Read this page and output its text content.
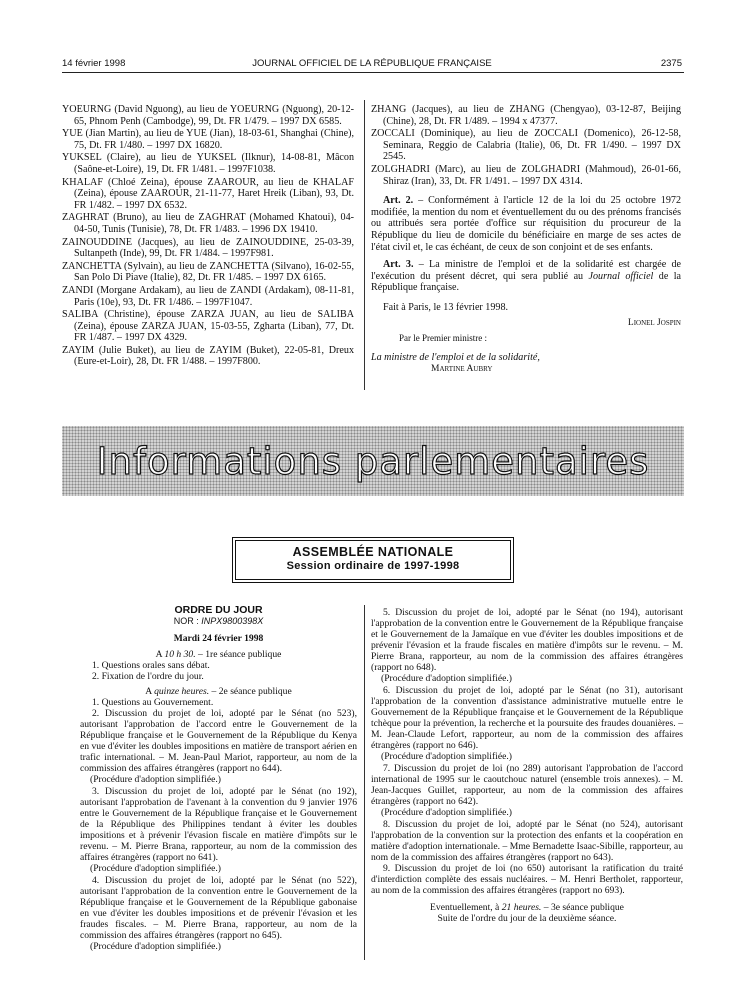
14 février 1998	JOURNAL OFFICIEL DE LA RÉPUBLIQUE FRANÇAISE	2375

YOEURNG (David Nguong), au lieu de YOEURNG (Nguong), 20-12-65, Phnom Penh (Cambodge), 99, Dt. FR 1/479. – 1997 DX 6585.

YUE (Jian Martin), au lieu de YUE (Jian), 18-03-61, Shanghai (Chine), 75, Dt. FR 1/480. – 1997 DX 16820.

YUKSEL (Claire), au lieu de YUKSEL (Ilknur), 14-08-81, Mâcon (Saône-et-Loire), 19, Dt. FR 1/481. – 1997F1038.

KHALAF (Chloé Zeina), épouse ZAAROUR, au lieu de KHALAF (Zeina), épouse ZAAROUR, 21-11-77, Haret Hreik (Liban), 93, Dt. FR 1/482. – 1997 DX 6532.

ZAGHRAT (Bruno), au lieu de ZAGHRAT (Mohamed Khatoui), 04-04-50, Tunis (Tunisie), 78, Dt. FR 1/483. – 1996 DX 19410.

ZAINOUDDINE (Jacques), au lieu de ZAINOUDDINE, 25-03-39, Sultanpeth (Inde), 99, Dt. FR 1/484. – 1997F981.

ZANCHETTA (Sylvain), au lieu de ZANCHETTA (Silvano), 16-02-55, San Polo Di Piave (Italie), 82, Dt. FR 1/485. – 1997 DX 6165.

ZANDI (Morgane Ardakam), au lieu de ZANDI (Ardakam), 08-11-81, Paris (10e), 93, Dt. FR 1/486. – 1997F1047.

SALIBA (Christine), épouse ZARZA JUAN, au lieu de SALIBA (Zeina), épouse ZARZA JUAN, 15-03-55, Zgharta (Liban), 77, Dt. FR 1/487. – 1997 DX 4329.

ZAYIM (Julie Buket), au lieu de ZAYIM (Buket), 22-05-81, Dreux (Eure-et-Loir), 28, Dt. FR 1/488. – 1997F800.

ZHANG (Jacques), au lieu de ZHANG (Chengyao), 03-12-87, Beijing (Chine), 28, Dt. FR 1/489. – 1994 x 47377.

ZOCCALI (Dominique), au lieu de ZOCCALI (Domenico), 26-12-58, Seminara, Reggio de Calabria (Italie), 06, Dt. FR 1/490. – 1997 DX 2545.

ZOLGHADRI (Marc), au lieu de ZOLGHADRI (Mahmoud), 26-01-66, Shiraz (Iran), 33, Dt. FR 1/491. – 1997 DX 4314.

Art. 2. – Conformément à l'article 12 de la loi du 25 octobre 1972 modifiée, la mention du nom et éventuellement du ou des prénoms francisés ou attribués sera portée d'office sur réquisition du procureur de la République du lieu de domicile du bénéficiaire en marge de ses actes de l'état civil et, le cas échéant, de ceux de son conjoint et de ses enfants.

Art. 3. – La ministre de l'emploi et de la solidarité est chargée de l'exécution du présent décret, qui sera publié au Journal officiel de la République française.

Fait à Paris, le 13 février 1998.

Lionel Jospin
Par le Premier ministre :
La ministre de l'emploi et de la solidarité,
Martine Aubry
Informations parlementaires
ASSEMBLÉE NATIONALE
Session ordinaire de 1997-1998
ORDRE DU JOUR
NOR : INPX9800398X
Mardi 24 février 1998
A 10 h 30. – 1re séance publique

1. Questions orales sans débat.

2. Fixation de l'ordre du jour.

A quinze heures. – 2e séance publique

1. Questions au Gouvernement.

2. Discussion du projet de loi, adopté par le Sénat (no 523), autorisant l'approbation de l'accord entre le Gouvernement de la République française et le Gouvernement de la République du Kenya en vue d'éviter les doubles impositions en matière de transport aérien en trafic international. – M. Jean-Paul Mariot, rapporteur, au nom de la commission des affaires étrangères (rapport no 644).

(Procédure d'adoption simplifiée.)

3. Discussion du projet de loi, adopté par le Sénat (no 192), autorisant l'approbation de l'avenant à la convention du 9 janvier 1976 entre le Gouvernement de la République française et le Gouvernement de la République des Philippines tendant à éviter les doubles impositions et à prévenir l'évasion fiscale en matière d'impôts sur le revenu. – M. Pierre Brana, rapporteur, au nom de la commission des affaires étrangères (rapport no 641).

(Procédure d'adoption simplifiée.)

4. Discussion du projet de loi, adopté par le Sénat (no 522), autorisant l'approbation de la convention entre le Gouvernement de la République française et le Gouvernement de la République gabonaise en vue d'éviter les doubles impositions et de prévenir l'évasion et les fraudes fiscales. – M. Pierre Brana, rapporteur, au nom de la commission des affaires étrangères (rapport no 645).

(Procédure d'adoption simplifiée.)

5. Discussion du projet de loi, adopté par le Sénat (no 194), autorisant l'approbation de la convention entre le Gouvernement de la République française et le Gouvernement de la Jamaïque en vue d'éviter les doubles impositions et de prévenir l'évasion et la fraude fiscales en matière d'impôts sur le revenu. – M. Pierre Brana, rapporteur, au nom de la commission des affaires étrangères (rapport no 648).

(Procédure d'adoption simplifiée.)

6. Discussion du projet de loi, adopté par le Sénat (no 31), autorisant l'approbation de la convention d'assistance administrative mutuelle entre le Gouvernement de la République française et le Gouvernement de la République tchèque pour la prévention, la recherche et la poursuite des fraudes douanières. – M. Jean-Claude Lefort, rapporteur, au nom de la commission des affaires étrangères (rapport no 646).

(Procédure d'adoption simplifiée.)

7. Discussion du projet de loi (no 289) autorisant l'approbation de l'accord international de 1995 sur le caoutchouc naturel (ensemble trois annexes). – M. Jean-Jacques Guillet, rapporteur, au nom de la commission des affaires étrangères (rapport no 642).

(Procédure d'adoption simplifiée.)

8. Discussion du projet de loi, adopté par le Sénat (no 524), autorisant l'approbation de la convention sur la protection des enfants et la coopération en matière d'adoption internationale. – Mme Bernadette Isaac-Sibille, rapporteur, au nom de la commission des affaires étrangères (rapport no 643).

9. Discussion du projet de loi (no 650) autorisant la ratification du traité d'interdiction complète des essais nucléaires. – M. Henri Bertholet, rapporteur, au nom de la commission des affaires étrangères (rapport no 693).

Eventuellement, à 21 heures. – 3e séance publique
Suite de l'ordre du jour de la deuxième séance.
